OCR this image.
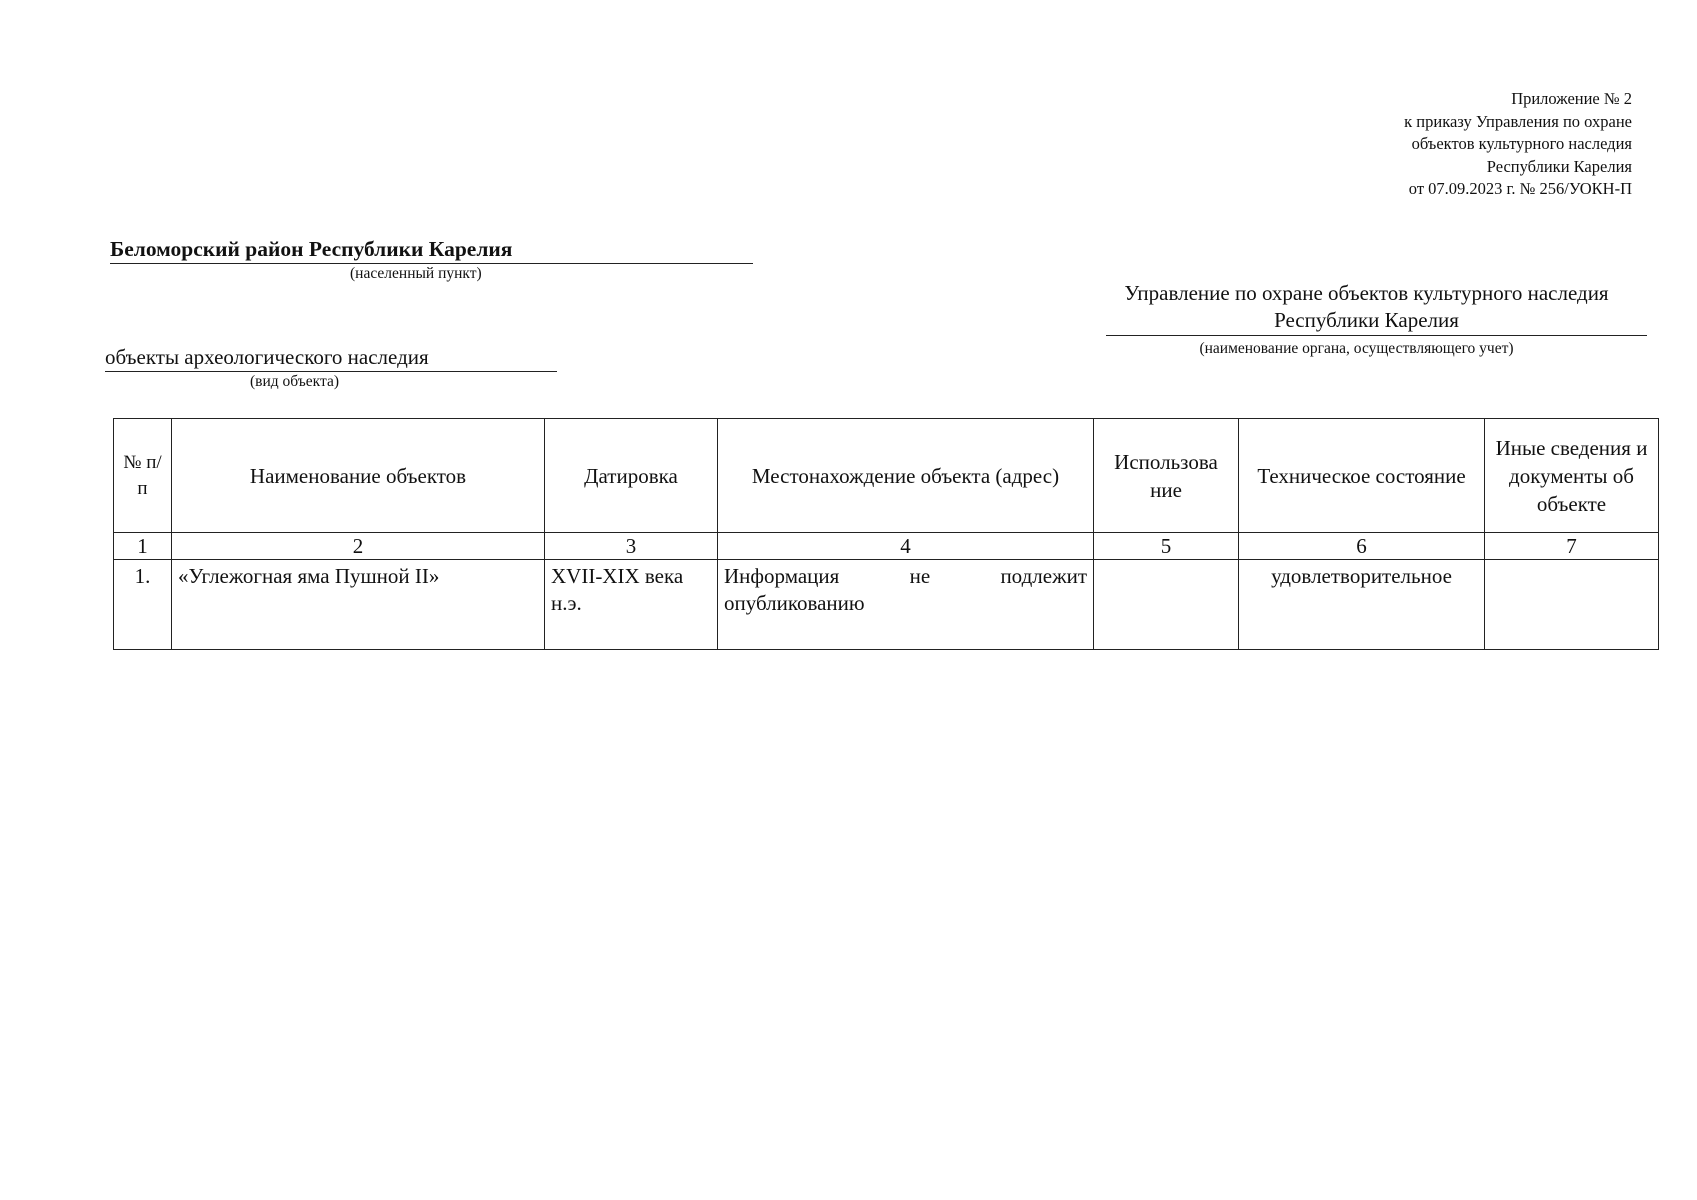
Приложение № 2
к приказу Управления по охране
объектов культурного наследия
Республики Карелия
от 07.09.2023 г. № 256/УОКН-П
Беломорский район Республики Карелия
(населенный пункт)
Управление по охране объектов культурного наследия Республики Карелия
(наименование органа, осуществляющего учет)
объекты археологического наследия
(вид объекта)
№ п/п	Наименование объектов	Датировка	Местонахождение объекта (адрес)	Использова ние	Техническое состояние	Иные сведения и документы об объекте
1	2	3	4	5	6	7
1.	«Углежогная яма Пушной II»	XVII-XIX века н.э.	Информация не подлежит опубликованию		удовлетворительное	
